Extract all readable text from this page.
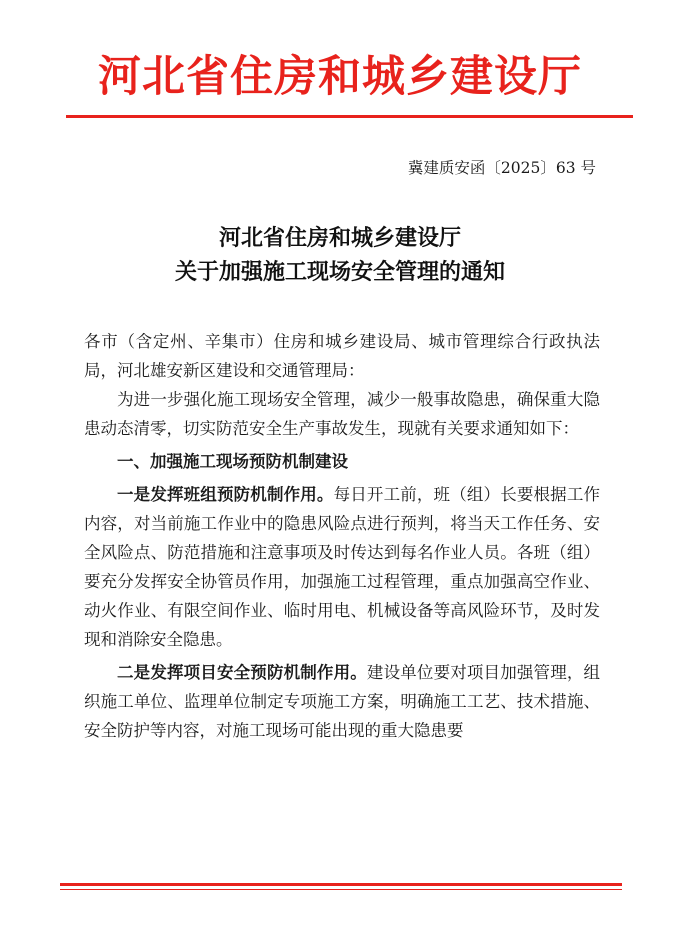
河北省住房和城乡建设厅
冀建质安函〔2025〕63 号
河北省住房和城乡建设厅
关于加强施工现场安全管理的通知

各市（含定州、辛集市）住房和城乡建设局、城市管理综合行政执法局，河北雄安新区建设和交通管理局：

为进一步强化施工现场安全管理，减少一般事故隐患，确保重大隐患动态清零，切实防范安全生产事故发生，现就有关要求通知如下：

一、加强施工现场预防机制建设

一是发挥班组预防机制作用。每日开工前，班（组）长要根据工作内容，对当前施工作业中的隐患风险点进行预判，将当天工作任务、安全风险点、防范措施和注意事项及时传达到每名作业人员。各班（组）要充分发挥安全协管员作用，加强施工过程管理，重点加强高空作业、动火作业、有限空间作业、临时用电、机械设备等高风险环节，及时发现和消除安全隐患。

二是发挥项目安全预防机制作用。建设单位要对项目加强管理，组织施工单位、监理单位制定专项施工方案，明确施工工艺、技术措施、安全防护等内容，对施工现场可能出现的重大隐患要
